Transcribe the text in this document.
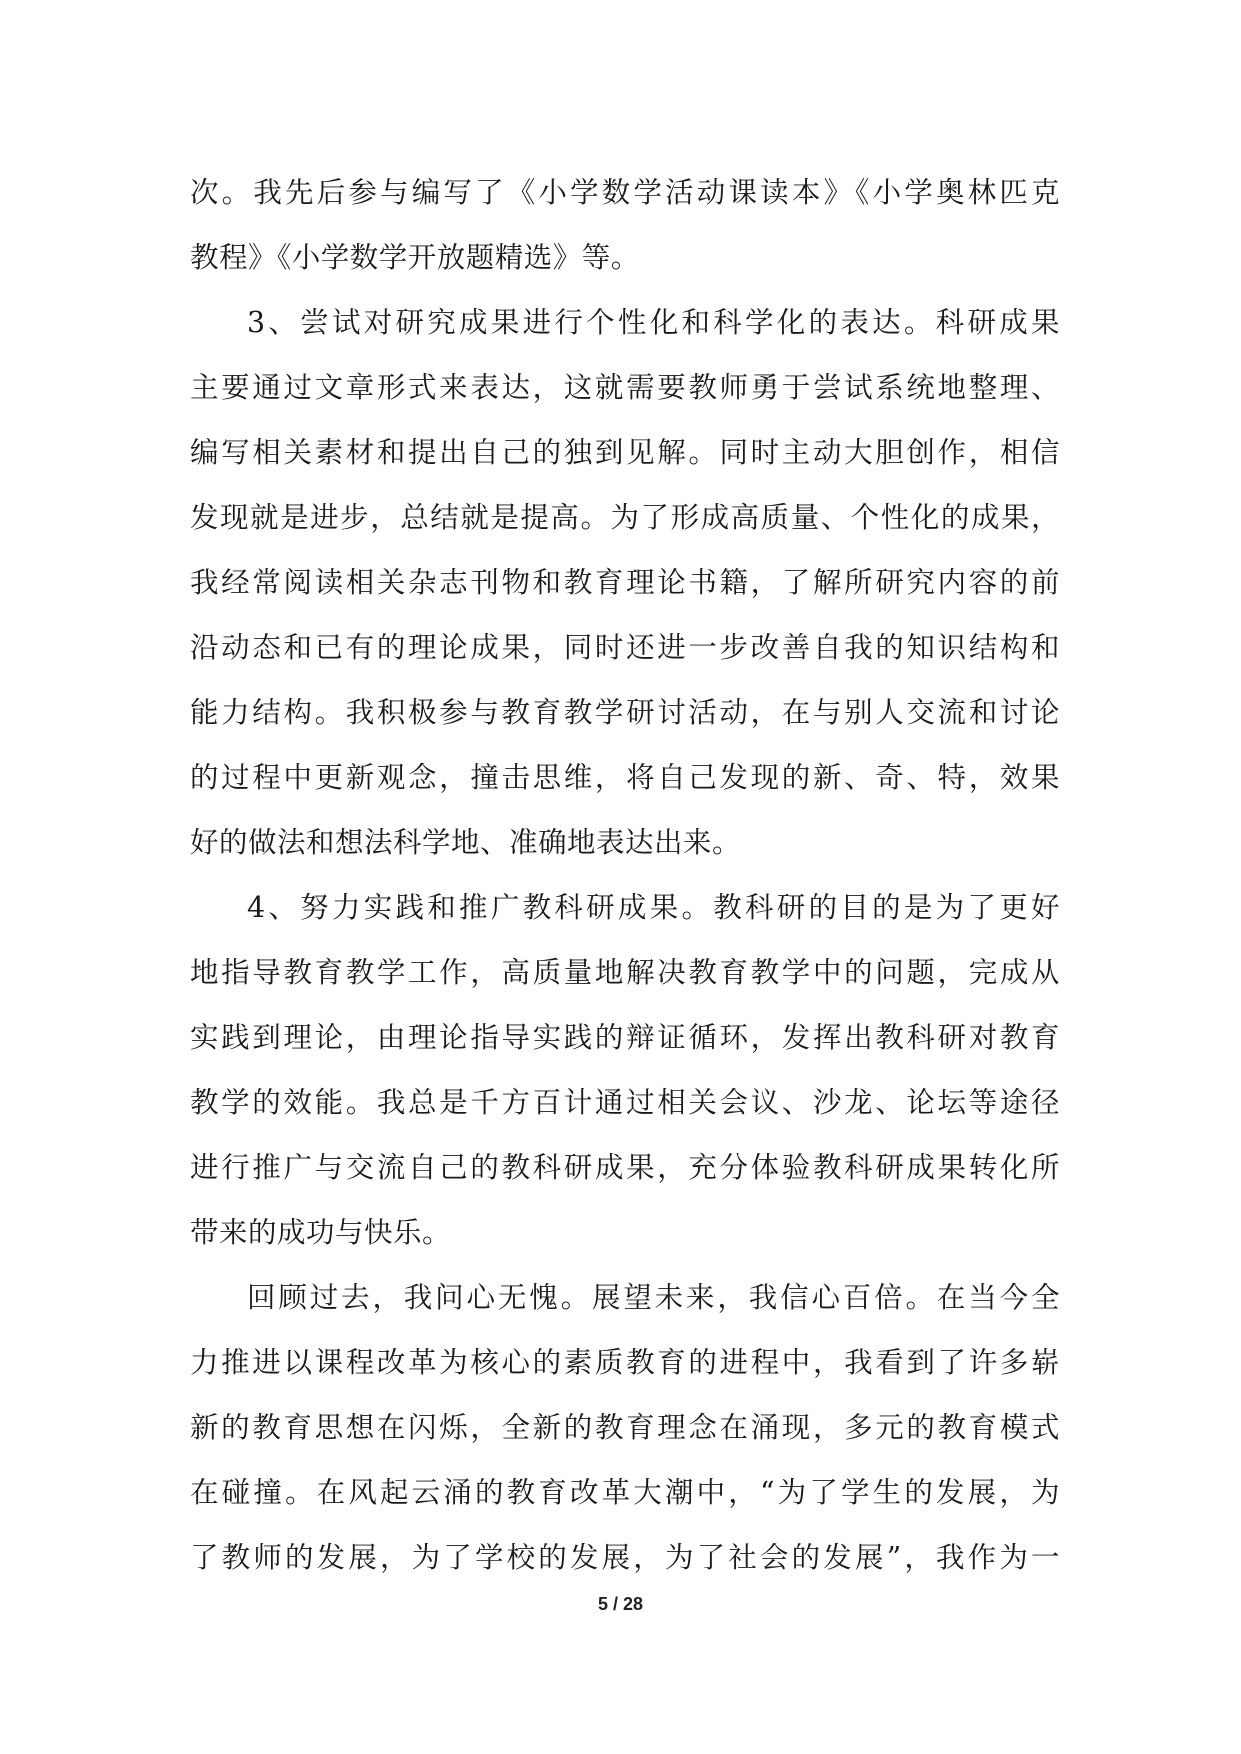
次。我先后参与编写了《小学数学活动课读本》《小学奥林匹克
教程》《小学数学开放题精选》等。
3、尝试对研究成果进行个性化和科学化的表达。科研成果
主要通过文章形式来表达，这就需要教师勇于尝试系统地整理、
编写相关素材和提出自己的独到见解。同时主动大胆创作，相信
发现就是进步，总结就是提高。为了形成高质量、个性化的成果，
我经常阅读相关杂志刊物和教育理论书籍，了解所研究内容的前
沿动态和已有的理论成果，同时还进一步改善自我的知识结构和
能力结构。我积极参与教育教学研讨活动，在与别人交流和讨论
的过程中更新观念，撞击思维，将自己发现的新、奇、特，效果
好的做法和想法科学地、准确地表达出来。
4、努力实践和推广教科研成果。教科研的目的是为了更好
地指导教育教学工作，高质量地解决教育教学中的问题，完成从
实践到理论，由理论指导实践的辩证循环，发挥出教科研对教育
教学的效能。我总是千方百计通过相关会议、沙龙、论坛等途径
进行推广与交流自己的教科研成果，充分体验教科研成果转化所
带来的成功与快乐。
回顾过去，我问心无愧。展望未来，我信心百倍。在当今全
力推进以课程改革为核心的素质教育的进程中，我看到了许多崭
新的教育思想在闪烁，全新的教育理念在涌现，多元的教育模式
在碰撞。在风起云涌的教育改革大潮中，“为了学生的发展，为
了教师的发展，为了学校的发展，为了社会的发展”，我作为一
5 / 28
